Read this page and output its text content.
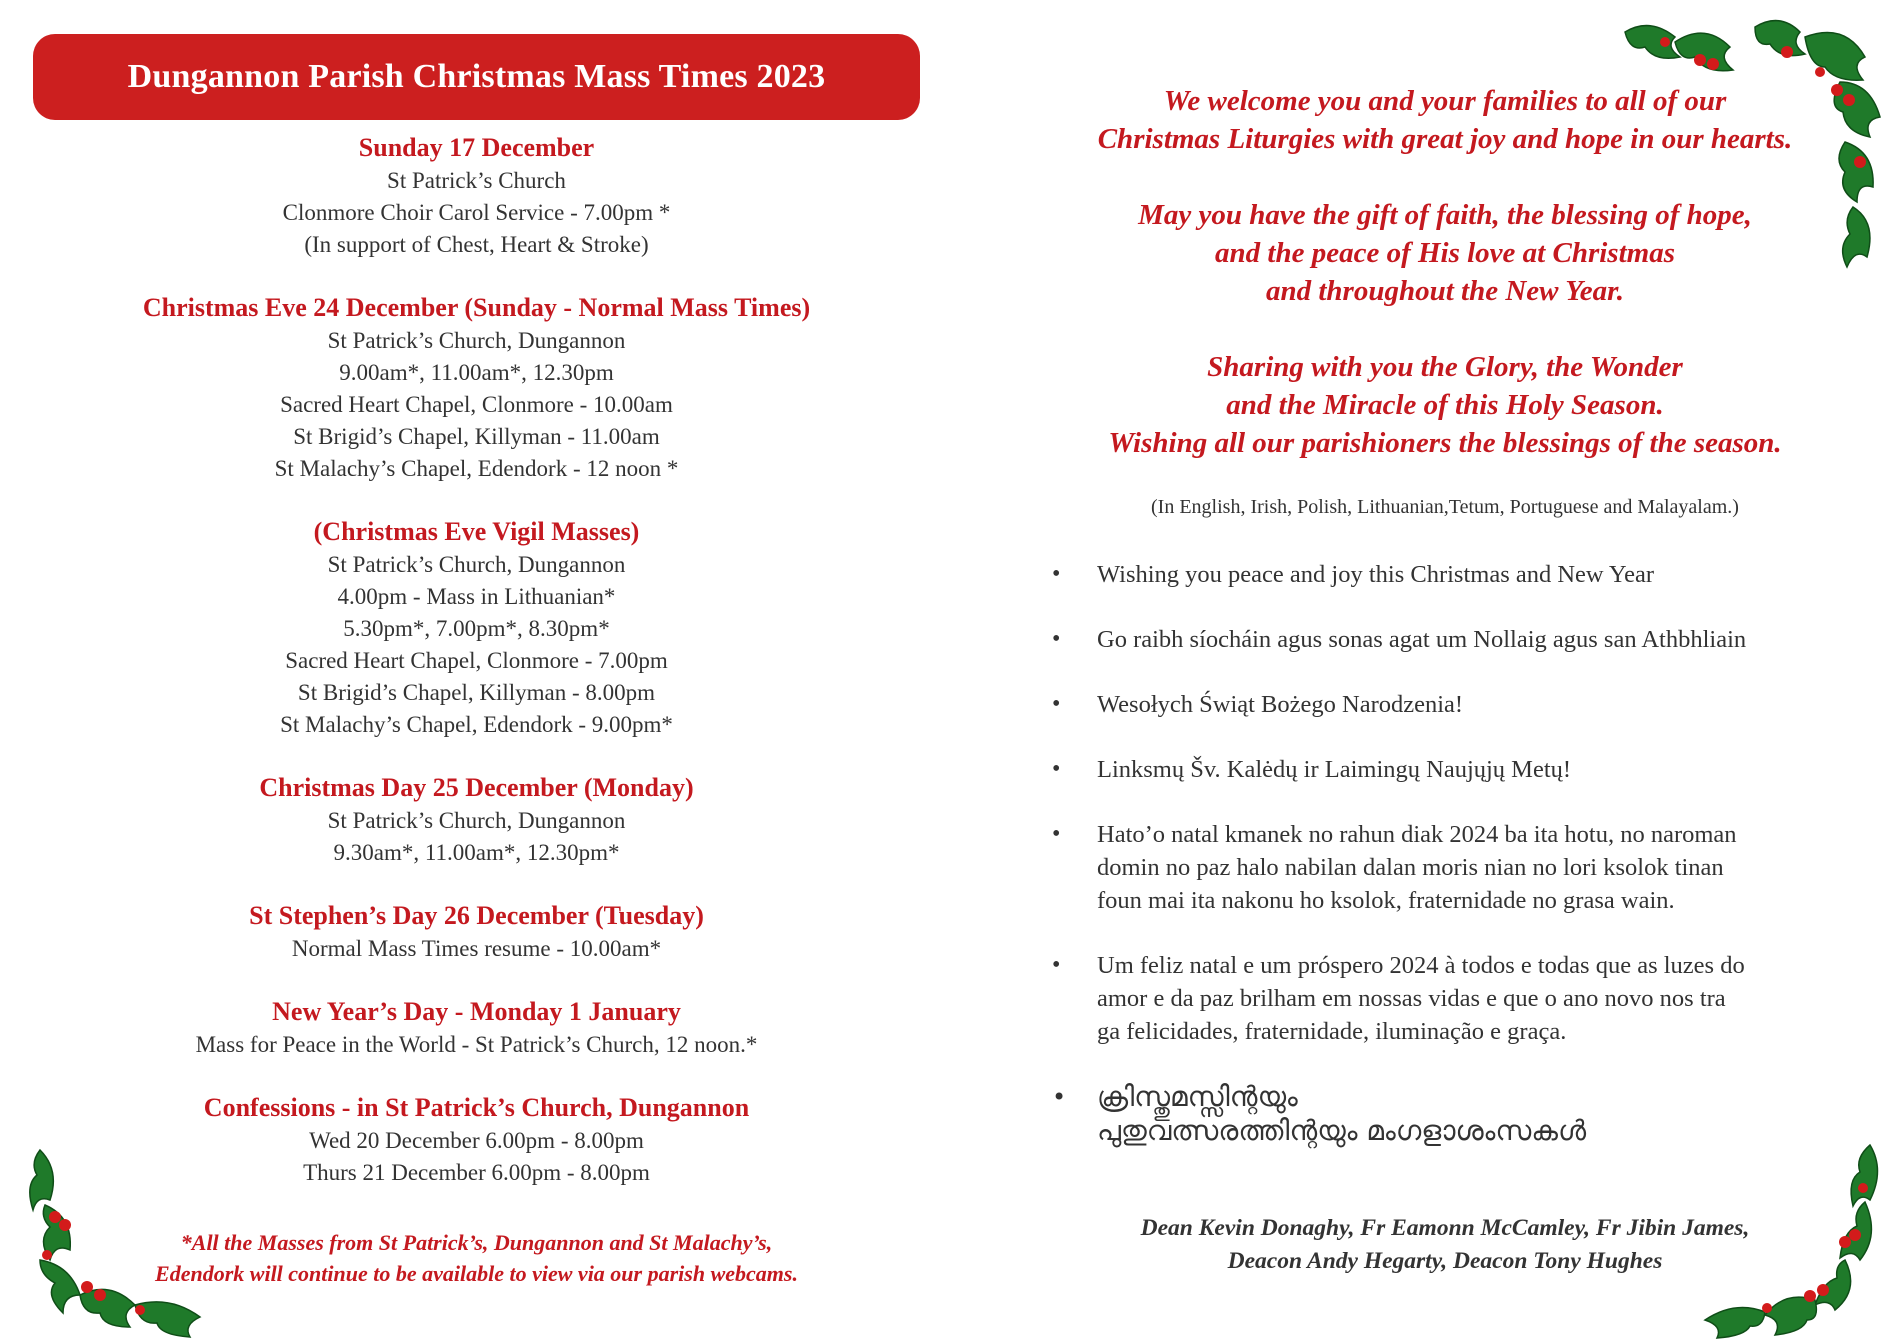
Dungannon Parish Christmas Mass Times 2023
Sunday 17 December
St Patrick’s Church
Clonmore Choir Carol Service - 7.00pm *
(In support of Chest, Heart & Stroke)
Christmas Eve 24 December (Sunday - Normal Mass Times)
St Patrick’s Church, Dungannon
9.00am*, 11.00am*, 12.30pm
Sacred Heart Chapel, Clonmore - 10.00am
St Brigid’s Chapel, Killyman - 11.00am
St Malachy’s Chapel, Edendork - 12 noon *
(Christmas Eve Vigil Masses)
St Patrick’s Church, Dungannon
4.00pm - Mass in Lithuanian*
5.30pm*, 7.00pm*, 8.30pm*
Sacred Heart Chapel, Clonmore - 7.00pm
St Brigid’s Chapel, Killyman - 8.00pm
St Malachy’s Chapel, Edendork - 9.00pm*
Christmas Day 25 December (Monday)
St Patrick’s Church, Dungannon
9.30am*, 11.00am*, 12.30pm*
St Stephen’s Day 26 December (Tuesday)
Normal Mass Times resume - 10.00am*
New Year’s Day - Monday 1 January
Mass for Peace in the World - St Patrick’s Church, 12 noon.*
Confessions - in St Patrick’s Church, Dungannon
Wed 20 December 6.00pm - 8.00pm
Thurs 21 December 6.00pm - 8.00pm
*All the Masses from St Patrick’s, Dungannon and St Malachy’s,
Edendork will continue to be available to view via our parish webcams.
We welcome you and your families to all of our
Christmas Liturgies with great joy and hope in our hearts.
May you have the gift of faith, the blessing of hope,
and the peace of His love at Christmas
and throughout the New Year.
Sharing with you the Glory, the Wonder
and the Miracle of this Holy Season.
Wishing all our parishioners the blessings of the season.
(In English, Irish, Polish, Lithuanian,Tetum, Portuguese and Malayalam.)
• Wishing you peace and joy this Christmas and New Year
• Go raibh síocháin agus sonas agat um Nollaig agus san Athbhliain
• Wesołych Świąt Bożego Narodzenia!
• Linksmų Šv. Kalėdų ir Laimingų Naujųjų Metų!
• Hato’o natal kmanek no rahun diak 2024 ba ita hotu, no naroman
domin no paz halo nabilan dalan moris nian no lori ksolok tinan
foun mai ita nakonu ho ksolok, fraternidade no grasa wain.
• Um feliz natal e um próspero 2024 à todos e todas que as luzes do
amor e da paz brilham em nossas vidas e que o ano novo nos tra
ga felicidades, fraternidade, iluminação e graça.
• ക്രിസ്തുമസ്സിന്റയും
പുതുവത്സരത്തിന്റയും മംഗളാശംസകൾ
Dean Kevin Donaghy, Fr Eamonn McCamley, Fr Jibin James,
Deacon Andy Hegarty, Deacon Tony Hughes
